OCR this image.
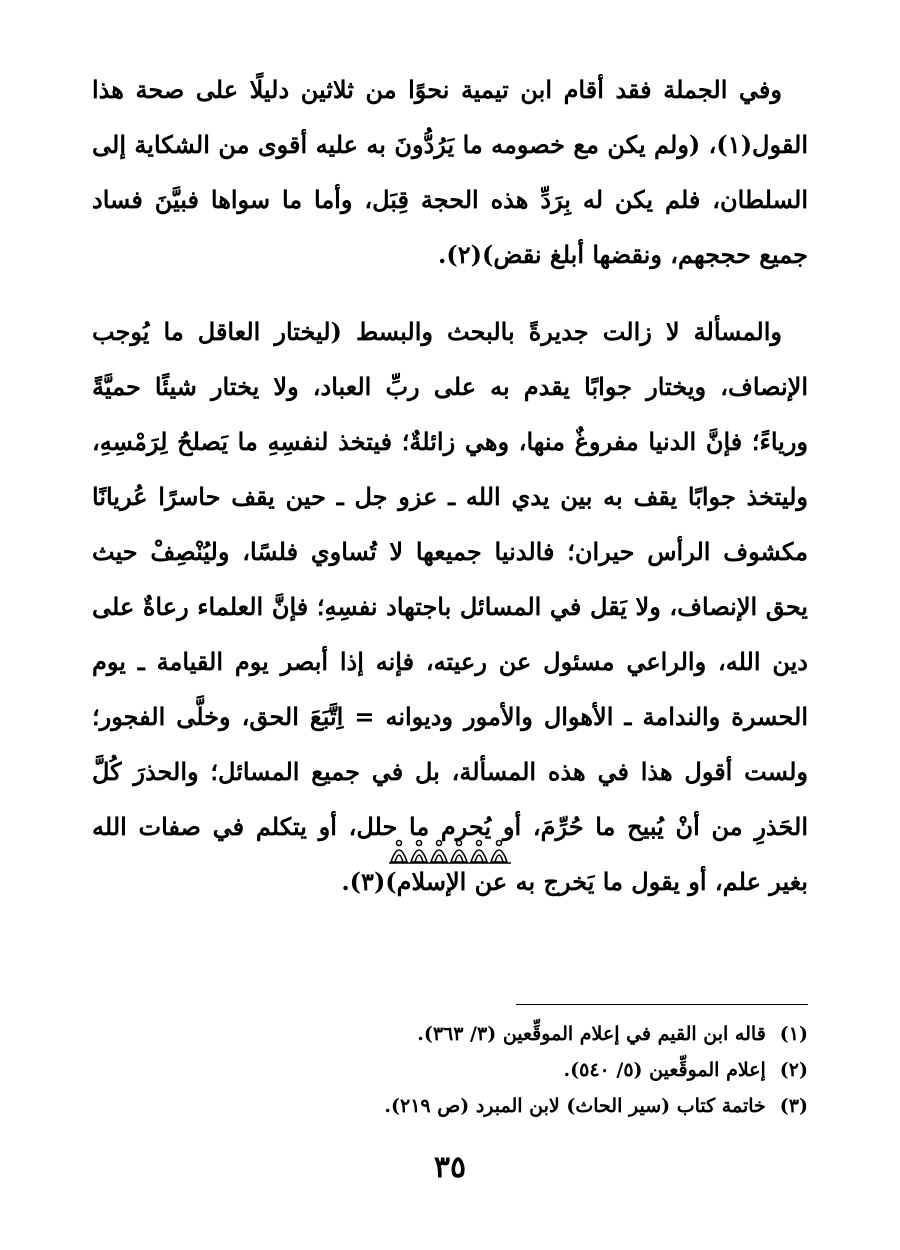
وفي الجملة فقد أقام ابن تيمية نحوًا من ثلاثين دليلًا على صحة هذا القول(١)، (ولم يكن مع خصومه ما يَرُدُّونَ به عليه أقوى من الشكاية إلى السلطان، فلم يكن له بِرَدِّ هذه الحجة قِبَل، وأما ما سواها فبيَّنَ فساد جميع حججهم، ونقضها أبلغ نقض)(٢).

والمسألة لا زالت جديرةً بالبحث والبسط (ليختار العاقل ما يُوجب الإنصاف، ويختار جوابًا يقدم به على ربِّ العباد، ولا يختار شيئًا حميَّةً ورياءً؛ فإنَّ الدنيا مفروغٌ منها، وهي زائلةٌ؛ فيتخذ لنفسِهِ ما يَصلحُ لِرَمْسِهِ، وليتخذ جوابًا يقف به بين يدي الله ـ عزو جل ـ حين يقف حاسرًا عُريانًا مكشوف الرأس حيران؛ فالدنيا جميعها لا تُساوي فلسًا، وليُنْصِفْ حيث يحق الإنصاف، ولا يَقل في المسائل باجتهاد نفسِهِ؛ فإنَّ العلماء رعاةٌ على دين الله، والراعي مسئول عن رعيته، فإنه إذا أبصر يوم القيامة ـ يوم الحسرة والندامة ـ الأهوال والأمور وديوانه = اِتَّبَعَ الحق، وخلَّى الفجور؛ ولست أقول هذا في هذه المسألة، بل في جميع المسائل؛ والحذرَ كُلَّ الحَذرِ من أنْ يُبيح ما حُرِّمَ، أو يُحرم ما حلل، أو يتكلم في صفات الله بغير علم، أو يقول ما يَخرج به عن الإسلام)(٣).

(١)قاله ابن القيم في إعلام الموقِّعين (٣/ ٣٦٣).

(٢)إعلام الموقِّعين (٥/ ٥٤٠).

(٣)خاتمة كتاب (سير الحاث) لابن المبرد (ص ٢١٩).

٣٥
